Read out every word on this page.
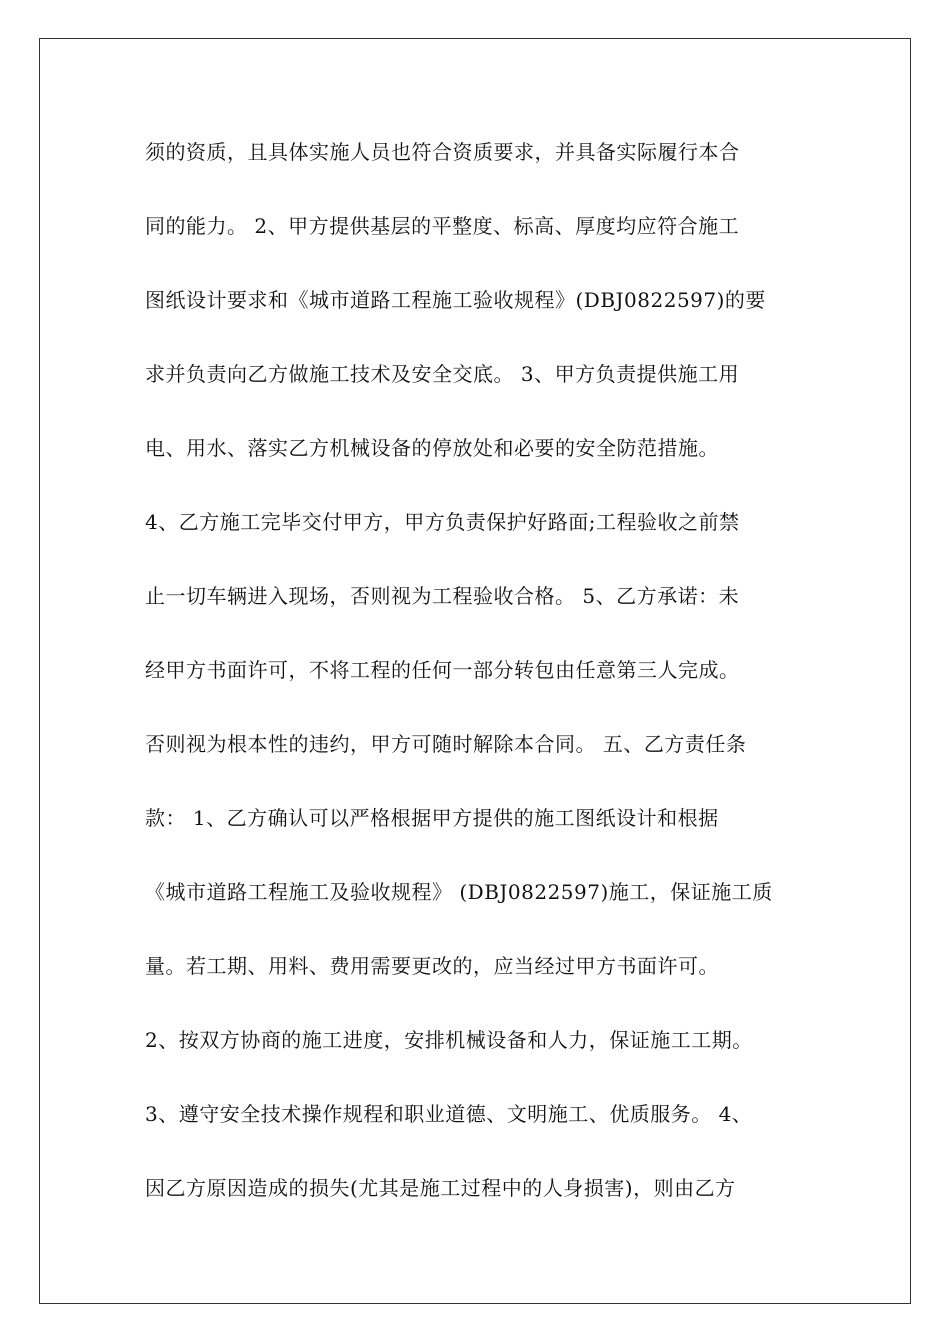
须的资质，且具体实施人员也符合资质要求，并具备实际履行本合
同的能力。 2、甲方提供基层的平整度、标高、厚度均应符合施工
图纸设计要求和《城市道路工程施工验收规程》(DBJ0822597)的要
求并负责向乙方做施工技术及安全交底。 3、甲方负责提供施工用
电、用水、落实乙方机械设备的停放处和必要的安全防范措施。
4、乙方施工完毕交付甲方，甲方负责保护好路面;工程验收之前禁
止一切车辆进入现场，否则视为工程验收合格。 5、乙方承诺：未
经甲方书面许可，不将工程的任何一部分转包由任意第三人完成。
否则视为根本性的违约，甲方可随时解除本合同。 五、乙方责任条
款： 1、乙方确认可以严格根据甲方提供的施工图纸设计和根据
《城市道路工程施工及验收规程》 (DBJ0822597)施工，保证施工质
量。若工期、用料、费用需要更改的，应当经过甲方书面许可。
2、按双方协商的施工进度，安排机械设备和人力，保证施工工期。
3、遵守安全技术操作规程和职业道德、文明施工、优质服务。 4、
因乙方原因造成的损失(尤其是施工过程中的人身损害)，则由乙方
